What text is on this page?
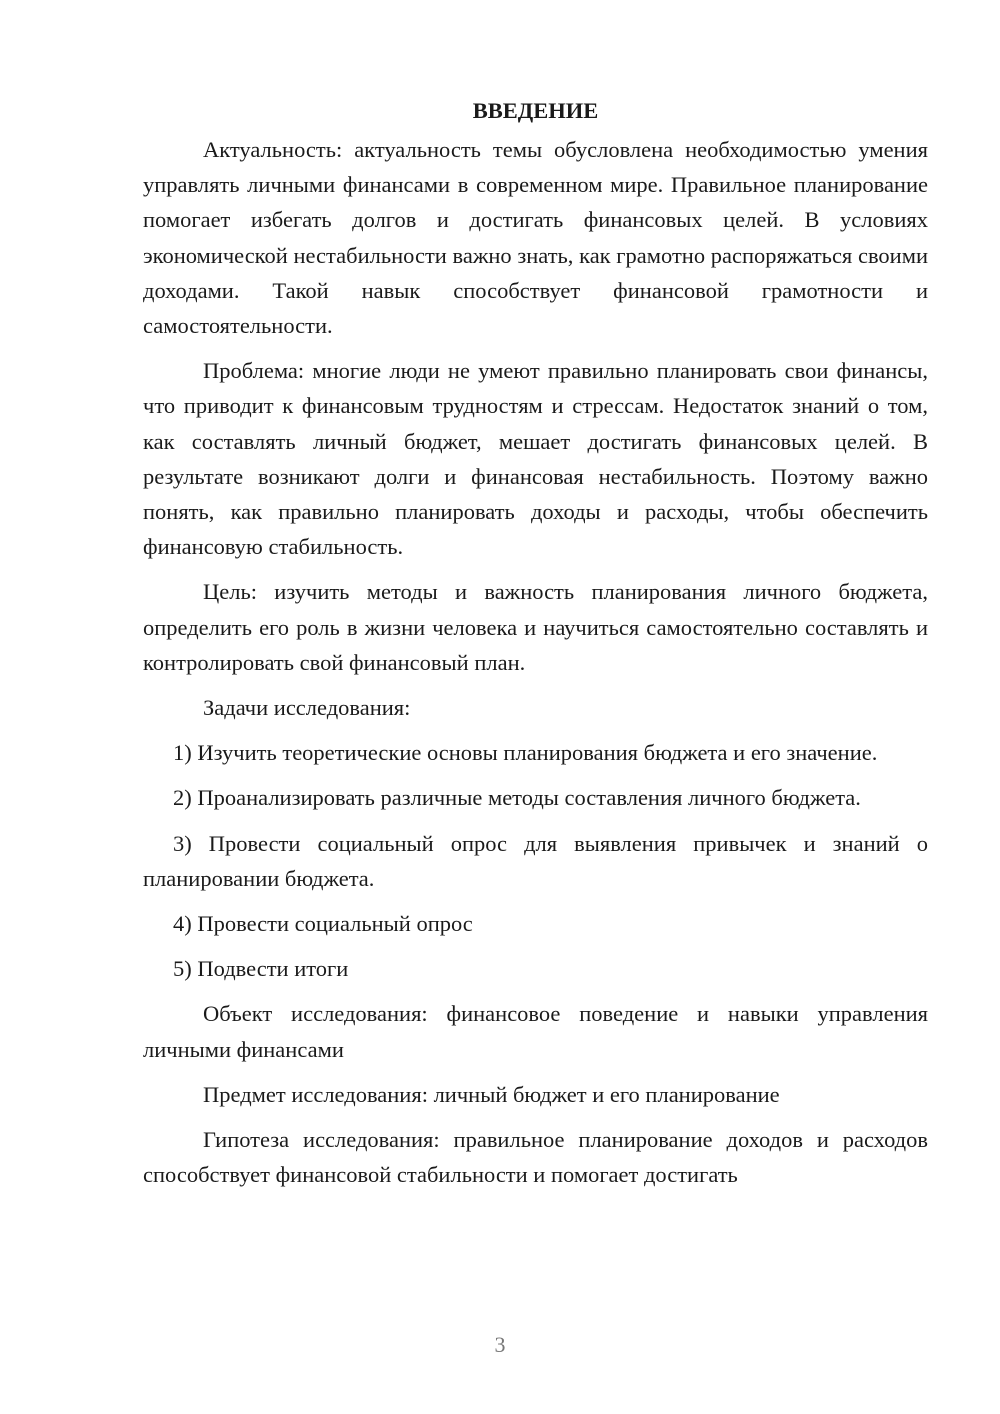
ВВЕДЕНИЕ

Актуальность: актуальность темы обусловлена необходимостью умения управлять личными финансами в современном мире. Правильное планирование помогает избегать долгов и достигать финансовых целей. В условиях экономической нестабильности важно знать, как грамотно распоряжаться своими доходами. Такой навык способствует финансовой грамотности и самостоятельности.

Проблема: многие люди не умеют правильно планировать свои финансы, что приводит к финансовым трудностям и стрессам. Недостаток знаний о том, как составлять личный бюджет, мешает достигать финансовых целей. В результате возникают долги и финансовая нестабильность. Поэтому важно понять, как правильно планировать доходы и расходы, чтобы обеспечить финансовую стабильность.

Цель: изучить методы и важность планирования личного бюджета, определить его роль в жизни человека и научиться самостоятельно составлять и контролировать свой финансовый план.

Задачи исследования:

1) Изучить теоретические основы планирования бюджета и его значение.

2) Проанализировать различные методы составления личного бюджета.

3) Провести социальный опрос для выявления привычек и знаний о планировании бюджета.

4) Провести социальный опрос

5) Подвести итоги

Объект исследования: финансовое поведение и навыки управления личными финансами

Предмет исследования: личный бюджет и его планирование

Гипотеза исследования: правильное планирование доходов и расходов способствует финансовой стабильности и помогает достигать

3
